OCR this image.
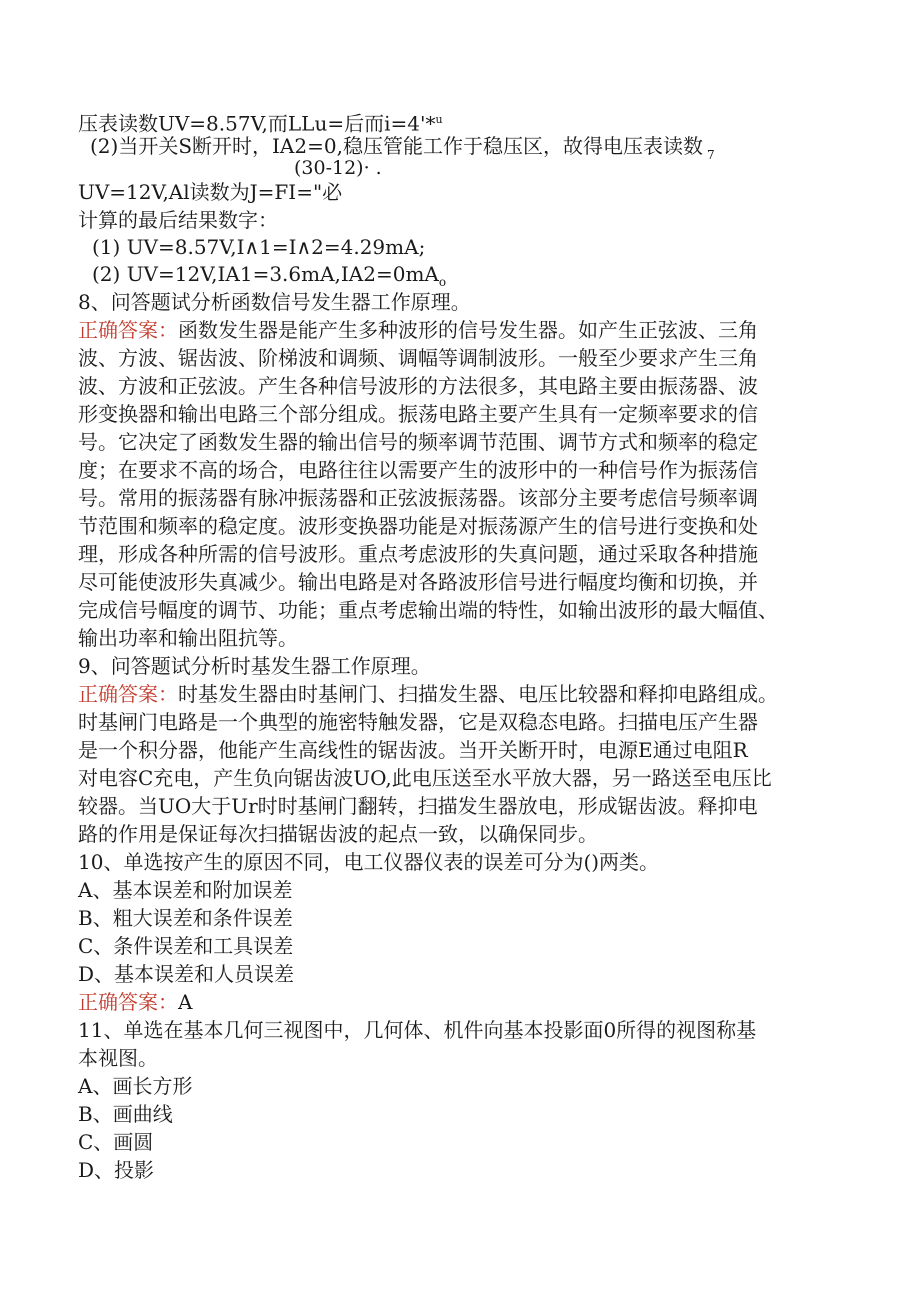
压表读数UV=8.57V,而LLu=后而i=4'*$^u$
(2)当开关S断开时，IA2=0,稳压管能工作于稳压区，故得电压表读数 $_7$
(30-12)· .
UV=12V,Al读数为J=FI="必
计算的最后结果数字：
(1) UV=8.57V,I∧1=I∧2=4.29mA;
(2) $UV=12V,IA1=3.6mA,IA2=0mA_o$
8、问答题试分析函数信号发生器工作原理。
正确答案：函数发生器是能产生多种波形的信号发生器。如产生正弦波、三角
波、方波、锯齿波、阶梯波和调频、调幅等调制波形。一般至少要求产生三角
波、方波和正弦波。产生各种信号波形的方法很多，其电路主要由振荡器、波
形变换器和输出电路三个部分组成。振荡电路主要产生具有一定频率要求的信
号。它决定了函数发生器的输出信号的频率调节范围、调节方式和频率的稳定
度；在要求不高的场合，电路往往以需要产生的波形中的一种信号作为振荡信
号。常用的振荡器有脉冲振荡器和正弦波振荡器。该部分主要考虑信号频率调
节范围和频率的稳定度。波形变换器功能是对振荡源产生的信号进行变换和处
理，形成各种所需的信号波形。重点考虑波形的失真问题，通过采取各种措施
尽可能使波形失真减少。输出电路是对各路波形信号进行幅度均衡和切换，并
完成信号幅度的调节、功能；重点考虑输出端的特性，如输出波形的最大幅值、
输出功率和输出阻抗等。
9、问答题试分析时基发生器工作原理。
正确答案：时基发生器由时基闸门、扫描发生器、电压比较器和释抑电路组成。
时基闸门电路是一个典型的施密特触发器，它是双稳态电路。扫描电压产生器
是一个积分器，他能产生高线性的锯齿波。当开关断开时，电源E通过电阻R
对电容C充电，产生负向锯齿波UO,此电压送至水平放大器，另一路送至电压比
较器。当UO大于Ur时时基闸门翻转，扫描发生器放电，形成锯齿波。释抑电
路的作用是保证每次扫描锯齿波的起点一致，以确保同步。
10、单选按产生的原因不同，电工仪器仪表的误差可分为()两类。
A、基本误差和附加误差
B、粗大误差和条件误差
C、条件误差和工具误差
D、基本误差和人员误差
正确答案：A
11、单选在基本几何三视图中，几何体、机件向基本投影面0所得的视图称基
本视图。
A、画长方形
B、画曲线
C、画圆
D、投影
